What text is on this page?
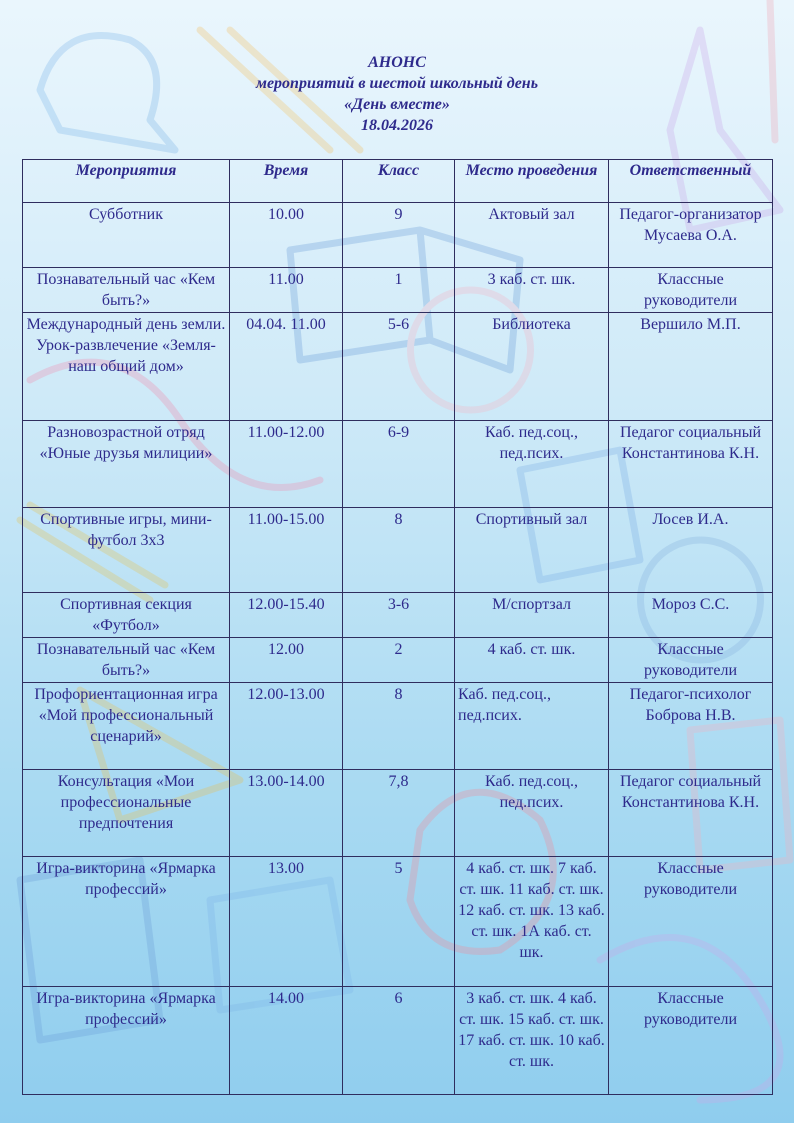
АНОНС
мероприятий в шестой школьный день
«День вместе»
18.04.2026
Мероприятия	Время	Класс	Место проведения	Ответственный
Субботник	10.00	9	Актовый зал	Педагог-организатор Мусаева О.А.
Познавательный час «Кем быть?»	11.00	1	3 каб. ст. шк.	Классные руководители
Международный день земли. Урок-развлечение «Земля-наш общий дом»	04.04. 11.00	5-6	Библиотека	Вершило М.П.
Разновозрастной отряд «Юные друзья милиции»	11.00-12.00	6-9	Каб. пед.соц., пед.псих.	Педагог социальный Константинова К.Н.
Спортивные игры, мини-футбол 3х3	11.00-15.00	8	Спортивный зал	Лосев И.А.
Спортивная секция «Футбол»	12.00-15.40	3-6	М/спортзал	Мороз С.С.
Познавательный час «Кем быть?»	12.00	2	4 каб. ст. шк.	Классные руководители
Профориентационная игра «Мой профессиональный сценарий»	12.00-13.00	8	Каб. пед.соц., пед.псих.	Педагог-психолог Боброва Н.В.
Консультация «Мои профессиональные предпочтения	13.00-14.00	7,8	Каб. пед.соц., пед.псих.	Педагог социальный Константинова К.Н.
Игра-викторина «Ярмарка профессий»	13.00	5	4 каб. ст. шк. 7 каб. ст. шк. 11 каб. ст. шк. 12 каб. ст. шк. 13 каб. ст. шк. 1А каб. ст. шк.	Классные руководители
Игра-викторина «Ярмарка профессий»	14.00	6	3 каб. ст. шк. 4 каб. ст. шк. 15 каб. ст. шк. 17 каб. ст. шк. 10 каб. ст. шк.	Классные руководители
